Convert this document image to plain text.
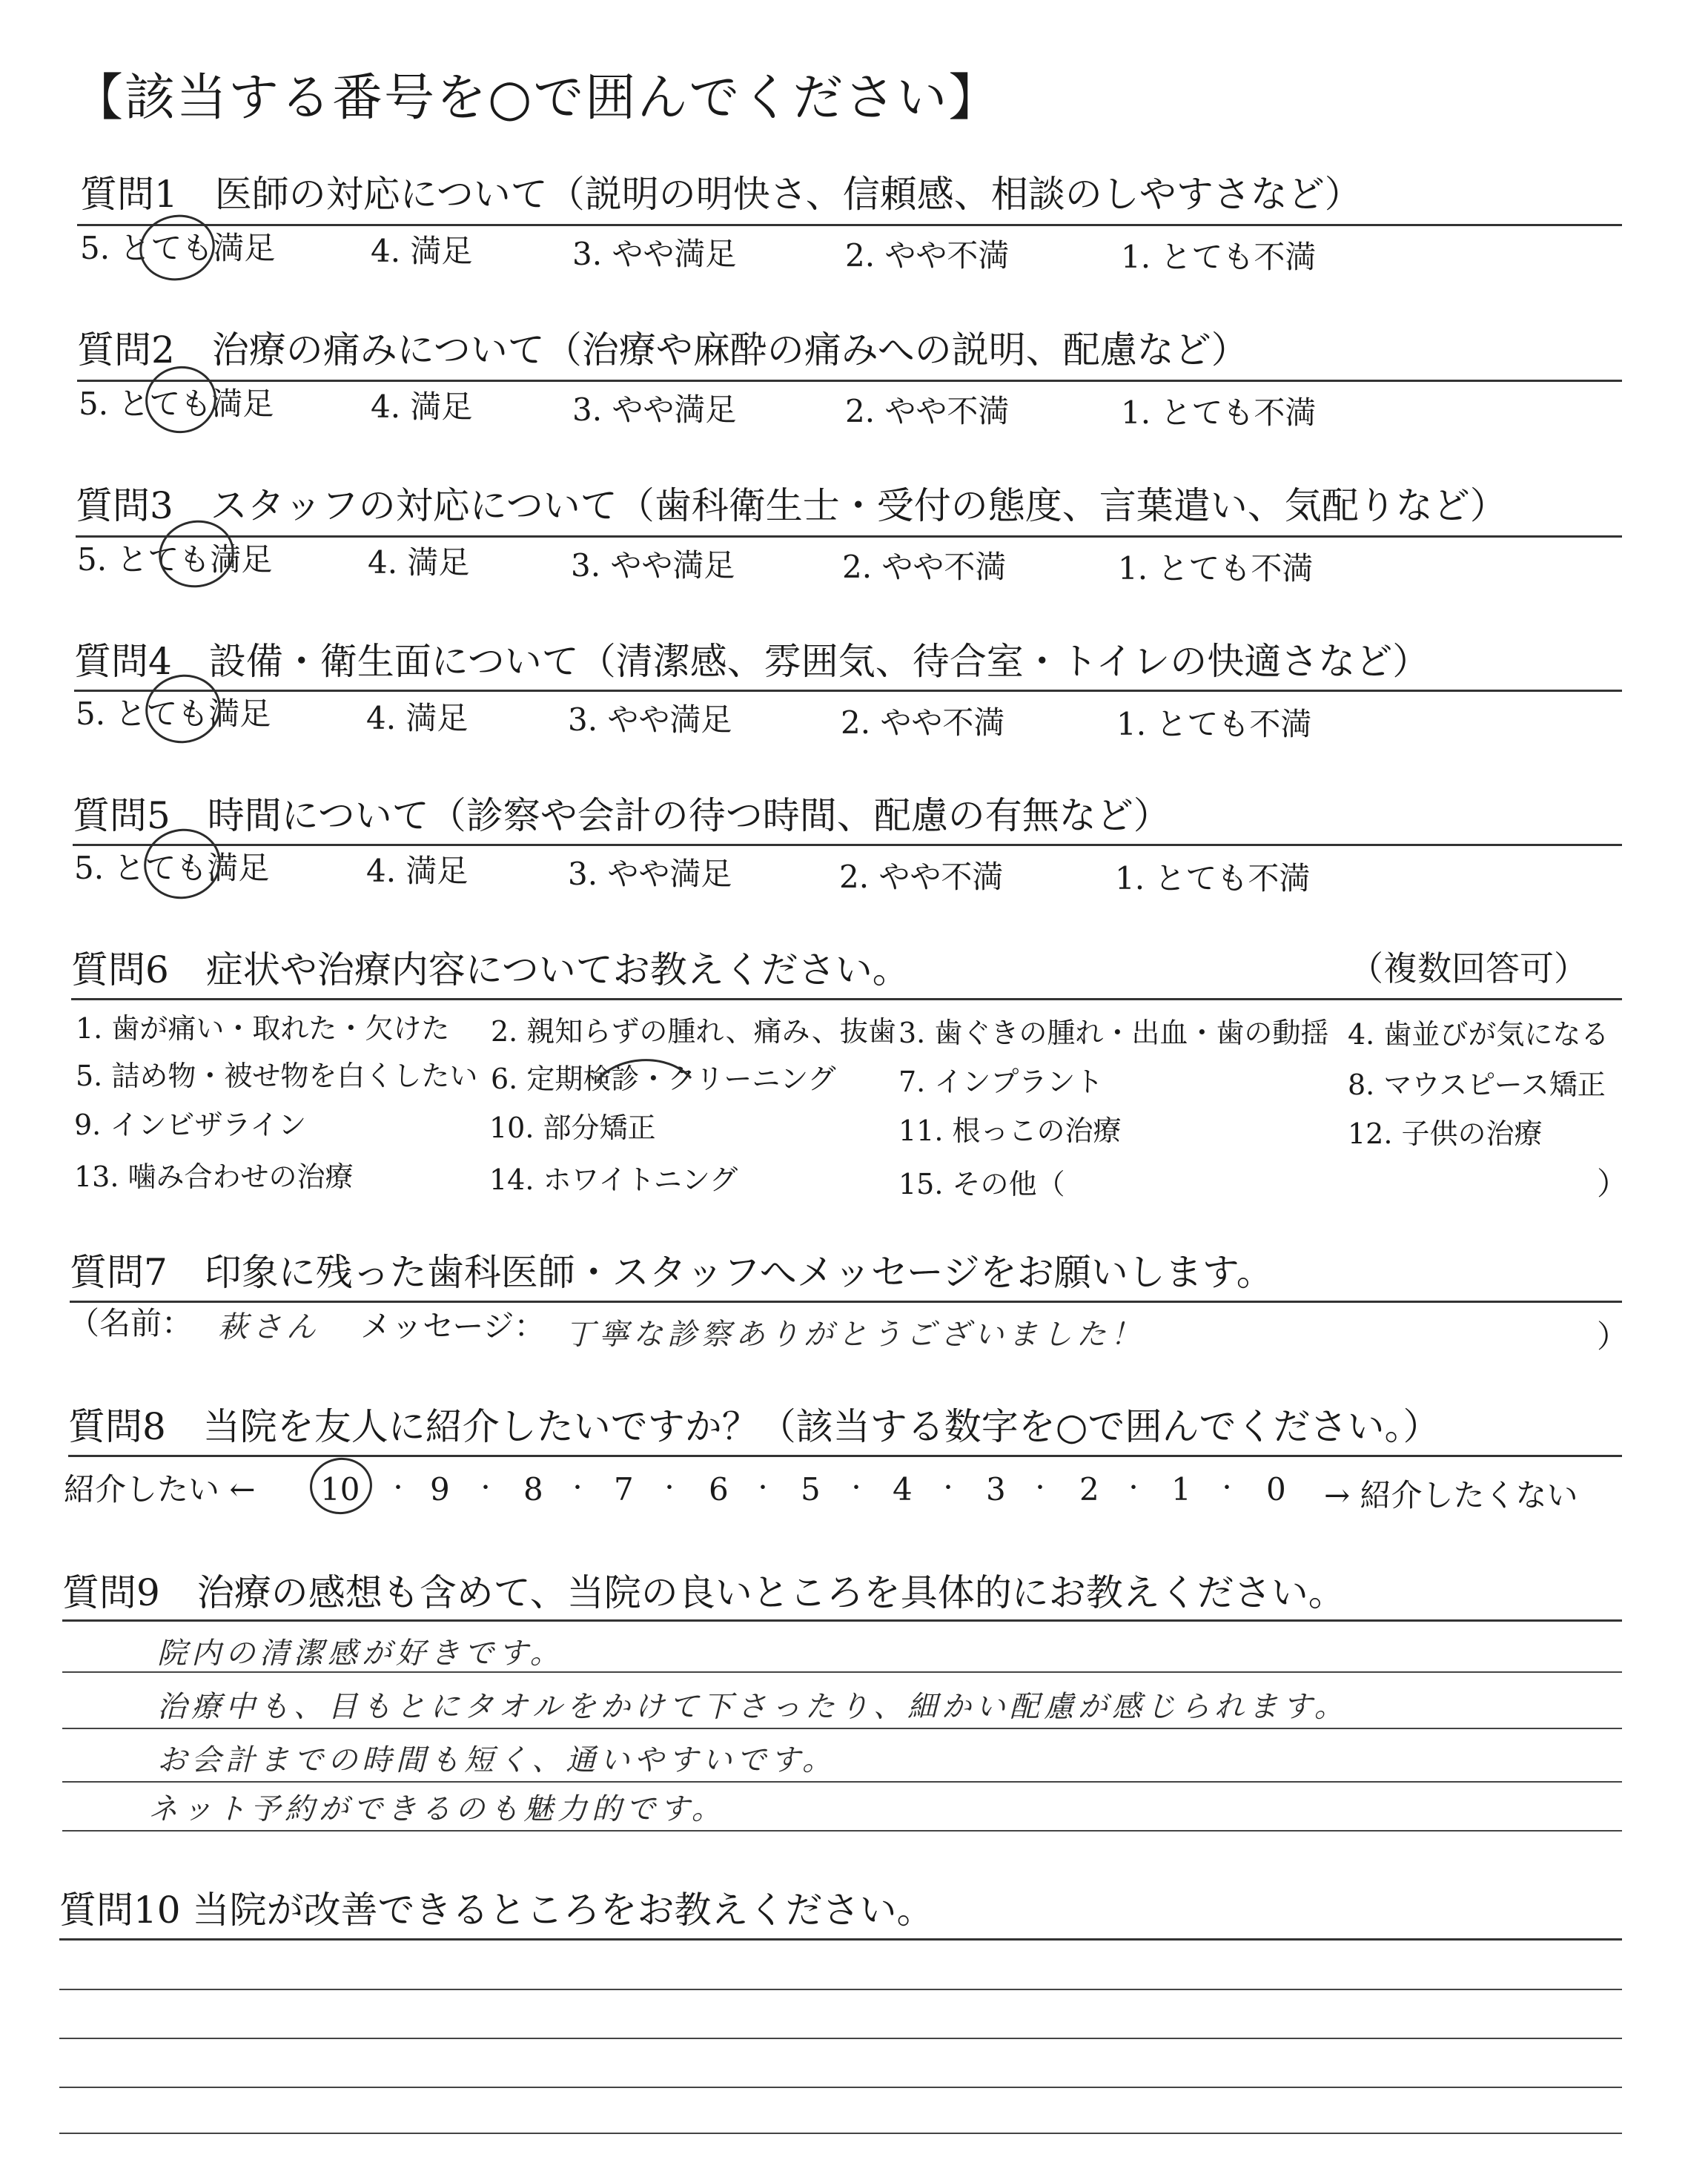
【該当する番号を○で囲んでください】
質問1　医師の対応について（説明の明快さ、信頼感、相談のしやすさなど）
5. とても満足	4. 満足	3. やや満足	2. やや不満	1. とても不満
質問2　治療の痛みについて（治療や麻酔の痛みへの説明、配慮など）
5. とても満足	4. 満足	3. やや満足	2. やや不満	1. とても不満
質問3　スタッフの対応について（歯科衛生士・受付の態度、言葉遣い、気配りなど）
5. とても満足	4. 満足	3. やや満足	2. やや不満	1. とても不満
質問4　設備・衛生面について（清潔感、雰囲気、待合室・トイレの快適さなど）
5. とても満足	4. 満足	3. やや満足	2. やや不満	1. とても不満
質問5　時間について（診察や会計の待つ時間、配慮の有無など）
5. とても満足	4. 満足	3. やや満足	2. やや不満	1. とても不満
質問6　症状や治療内容についてお教えください。	（複数回答可）
1. 歯が痛い・取れた・欠けた 2. 親知らずの腫れ、痛み、抜歯 3. 歯ぐきの腫れ・出血・歯の動揺 4. 歯並びが気になる
5. 詰め物・被せ物を白くしたい 6. 定期検診・クリーニング 7. インプラント	8. マウスピース矯正
9. インビザライン	10. 部分矯正	11. 根っこの治療	12. 子供の治療
13. 噛み合わせの治療	14. ホワイトニング	15. その他（	）
質問7　印象に残った歯科医師・スタッフへメッセージをお願いします。
（名前： 萩さん メッセージ： 丁寧な診察ありがとうございました！	）
質問8　当院を友人に紹介したいですか？（該当する数字を○で囲んでください。）
紹介したい ← 10 ・ 9 ・ 8 ・ 7 ・ 6 ・ 5 ・ 4 ・ 3 ・ 2 ・ 1 ・ 0 → 紹介したくない
質問9　治療の感想も含めて、当院の良いところを具体的にお教えください。
院内の清潔感が好きです。
治療中も、目もとにタオルをかけて下さったり、細かい配慮が感じられます。
お会計までの時間も短く、通いやすいです。
ネット予約ができるのも魅力的です。
質問10 当院が改善できるところをお教えください。
